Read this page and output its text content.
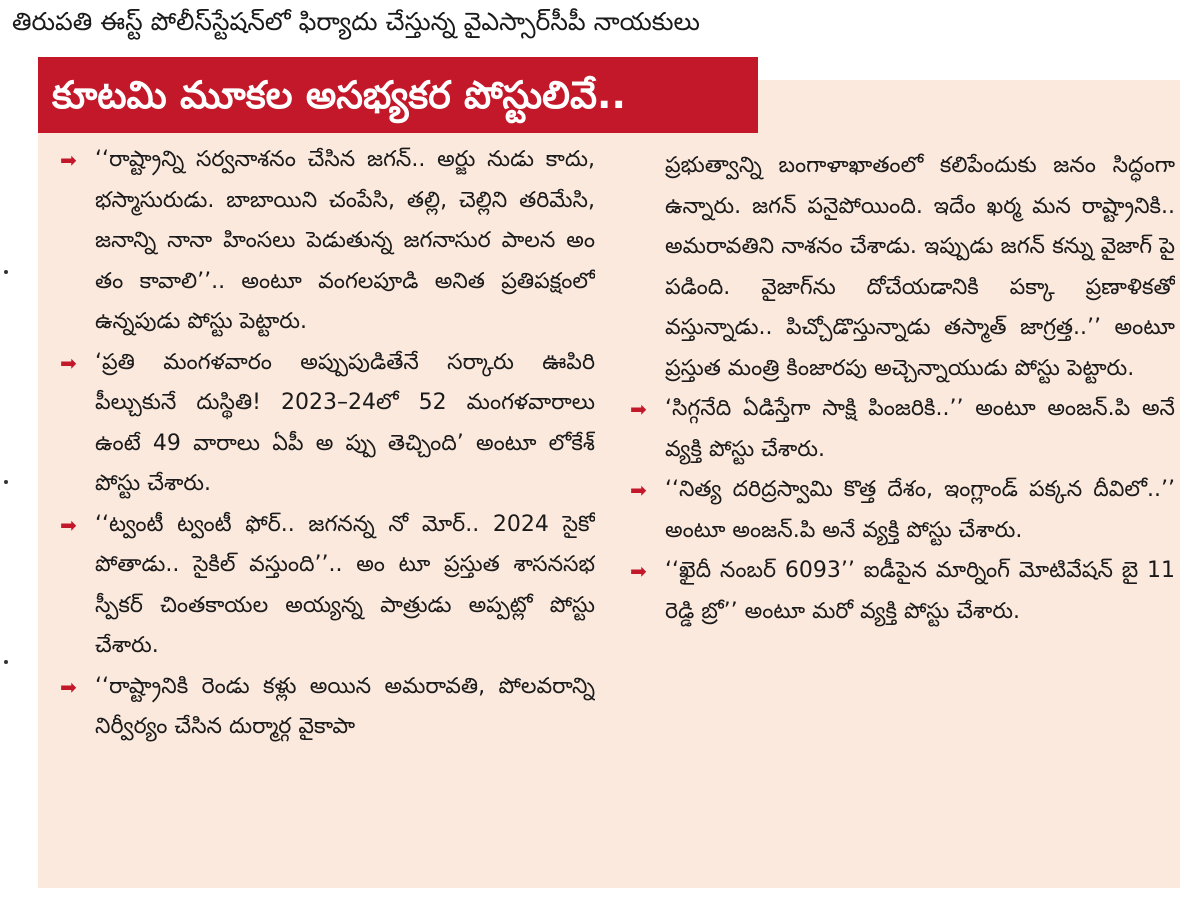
తిరుపతి ఈస్ట్ పోలీస్‌స్టేషన్‌లో ఫిర్యాదు చేస్తున్న వైఎస్సార్‌సీపీ నాయకులు
కూటమి మూకల అసభ్యకర పోస్టులివే..

➡ ‘‘రాష్ట్రాన్ని సర్వనాశనం చేసిన జగన్.. అర్జు నుడు కాదు, భస్మాసురుడు. బాబాయిని చంపేసి, తల్లి, చెల్లిని తరిమేసి, జనాన్ని నానా హింసలు పెడుతున్న జగనాసుర పాలన అం తం కావాలి’’.. అంటూ వంగలపూడి అనిత ప్రతిపక్షంలో ఉన్నపుడు పోస్టు పెట్టారు.

➡ ‘ప్రతి మంగళవారం అప్పుపుడితేనే సర్కారు ఊపిరి పీల్చుకునే దుస్థితి! 2023–24లో 52 మంగళవారాలు ఉంటే 49 వారాలు ఏపీ అ ప్పు తెచ్చింది’ అంటూ లోకేశ్ పోస్టు చేశారు.

➡ ‘‘ట్వంటీ ట్వంటీ ఫోర్.. జగనన్న నో మోర్.. 2024 సైకో పోతాడు.. సైకిల్ వస్తుంది’’.. అం టూ ప్రస్తుత శాసనసభ స్పీకర్ చింతకాయల అయ్యన్న పాత్రుడు అప్పట్లో పోస్టు చేశారు.

➡ ‘‘రాష్ట్రానికి రెండు కళ్లు అయిన అమరావతి, పోలవరాన్ని నిర్వీర్యం చేసిన దుర్మార్గ వైకాపా

ప్రభుత్వాన్ని బంగాళాఖాతంలో కలిపేందుకు జనం సిద్ధంగా ఉన్నారు. జగన్ పనైపోయింది. ఇదేం ఖర్మ మన రాష్ట్రానికి.. అమరావతిని నాశనం చేశాడు. ఇప్పుడు జగన్ కన్ను వైజాగ్ పై పడింది. వైజాగ్‌ను దోచేయడానికి పక్కా ప్రణాళికతో వస్తున్నాడు.. పిచ్చోడొస్తున్నాడు తస్మాత్ జాగ్రత్త..’’ అంటూ ప్రస్తుత మంత్రి కింజారపు అచ్చెన్నాయుడు పోస్టు పెట్టారు.

➡ ‘సిగ్గనేది ఏడిస్తేగా సాక్షి పింజరికి..’’ అంటూ అంజన్.పి అనే వ్యక్తి పోస్టు చేశారు.

➡ ‘‘నిత్య దరిద్రస్వామి కొత్త దేశం, ఇంగ్లాండ్ పక్కన దీవిలో..’’ అంటూ అంజన్.పి అనే వ్యక్తి పోస్టు చేశారు.

➡ ‘‘ఖైదీ నంబర్ 6093’’ ఐడీపైన మార్నింగ్ మోటివేషన్ బై 11 రెడ్డి బ్రో’’ అంటూ మరో వ్యక్తి పోస్టు చేశారు.
